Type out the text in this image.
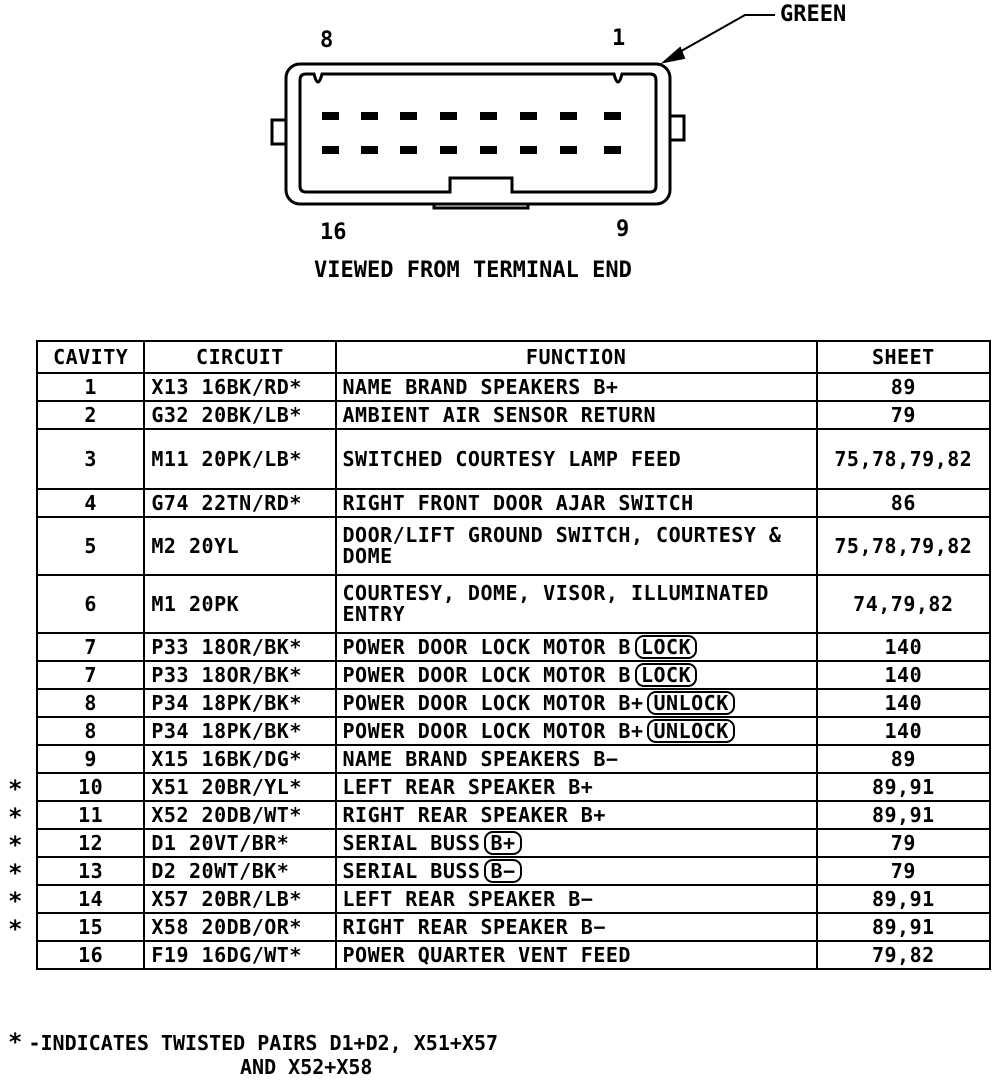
8	1
16	9
GREEN
VIEWED FROM TERMINAL END
CAVITY	CIRCUIT	FUNCTION	SHEET
1	X13 16BK/RD*	NAME BRAND SPEAKERS B+	89
2	G32 20BK/LB*	AMBIENT AIR SENSOR RETURN	79
3	M11 20PK/LB*	SWITCHED COURTESY LAMP FEED	75,78,79,82
4	G74 22TN/RD*	RIGHT FRONT DOOR AJAR SWITCH	86
5	M2 20YL	DOOR/LIFT GROUND SWITCH, COURTESY & DOME	75,78,79,82
6	M1 20PK	COURTESY, DOME, VISOR, ILLUMINATED ENTRY	74,79,82
7	P33 18OR/BK*	POWER DOOR LOCK MOTOR B LOCK	140
7	P33 18OR/BK*	POWER DOOR LOCK MOTOR B LOCK	140
8	P34 18PK/BK*	POWER DOOR LOCK MOTOR B+ UNLOCK	140
8	P34 18PK/BK*	POWER DOOR LOCK MOTOR B+ UNLOCK	140
9	X15 16BK/DG*	NAME BRAND SPEAKERS B−	89
10	X51 20BR/YL*	LEFT REAR SPEAKER B+	89,91
11	X52 20DB/WT*	RIGHT REAR SPEAKER B+	89,91
12	D1 20VT/BR*	SERIAL BUSS B+	79
13	D2 20WT/BK*	SERIAL BUSS B−	79
14	X57 20BR/LB*	LEFT REAR SPEAKER B−	89,91
15	X58 20DB/OR*	RIGHT REAR SPEAKER B−	89,91
16	F19 16DG/WT*	POWER QUARTER VENT FEED	79,82
*
*
*
*
*
*
* -INDICATES TWISTED PAIRS D1+D2, X51+X57
AND X52+X58
